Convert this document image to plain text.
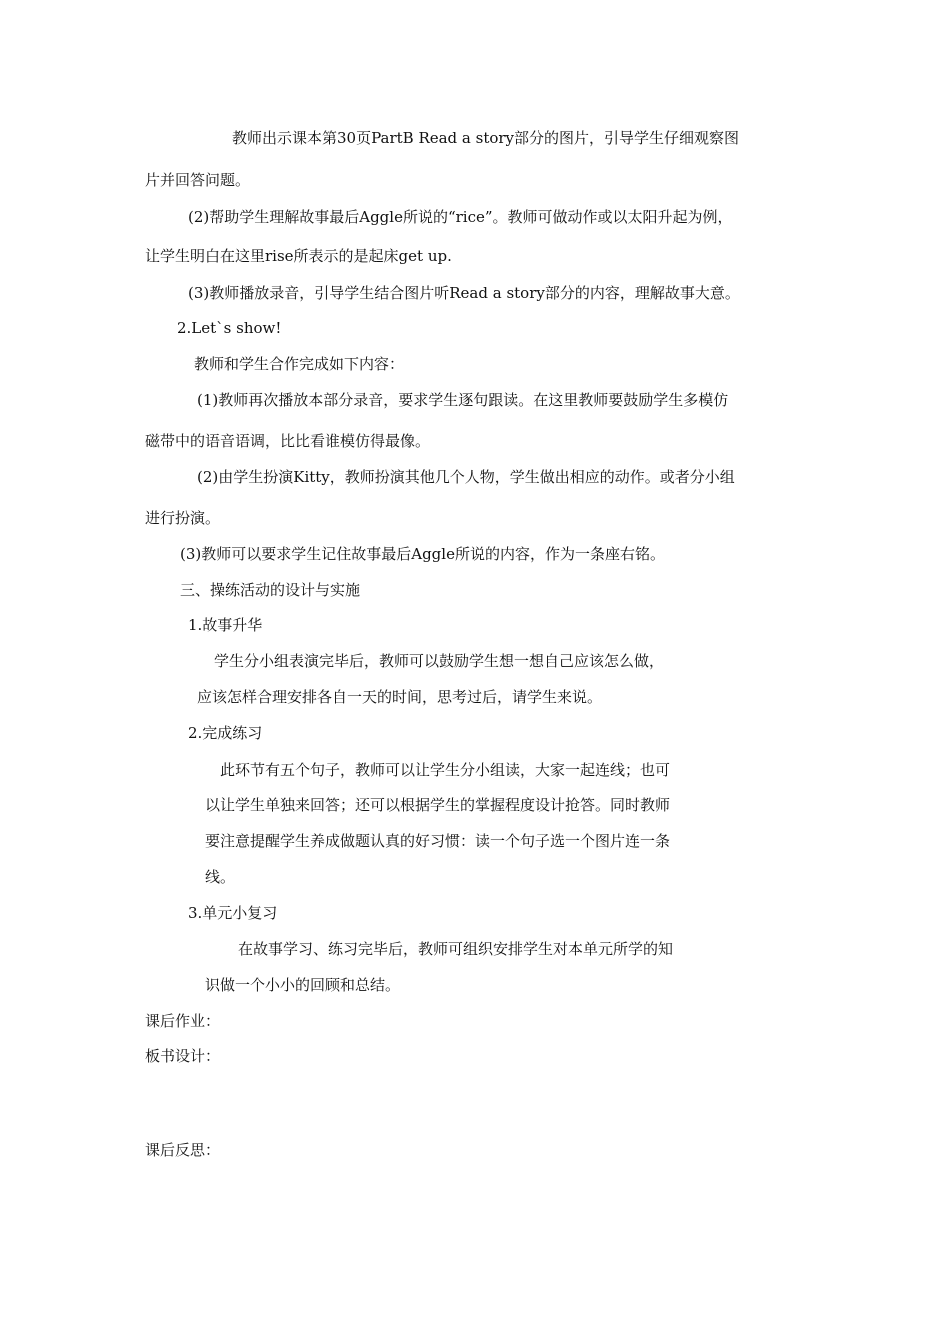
教师出示课本第30页PartB Read a story部分的图片，引导学生仔细观察图
片并回答问题。
(2)帮助学生理解故事最后Aggle所说的“rice”。教师可做动作或以太阳升起为例，
让学生明白在这里rise所表示的是起床get up.
(3)教师播放录音，引导学生结合图片听Read a story部分的内容，理解故事大意。
2.Let`s show!
教师和学生合作完成如下内容：
(1)教师再次播放本部分录音，要求学生逐句跟读。在这里教师要鼓励学生多模仿
磁带中的语音语调，比比看谁模仿得最像。
(2)由学生扮演Kitty，教师扮演其他几个人物，学生做出相应的动作。或者分小组
进行扮演。
(3)教师可以要求学生记住故事最后Aggle所说的内容，作为一条座右铭。
三、操练活动的设计与实施
1.故事升华
学生分小组表演完毕后，教师可以鼓励学生想一想自己应该怎么做，
应该怎样合理安排各自一天的时间，思考过后，请学生来说。
2.完成练习
此环节有五个句子，教师可以让学生分小组读，大家一起连线；也可
以让学生单独来回答；还可以根据学生的掌握程度设计抢答。同时教师
要注意提醒学生养成做题认真的好习惯：读一个句子选一个图片连一条
线。
3.单元小复习
在故事学习、练习完毕后，教师可组织安排学生对本单元所学的知
识做一个小小的回顾和总结。
课后作业：
板书设计：
课后反思：
